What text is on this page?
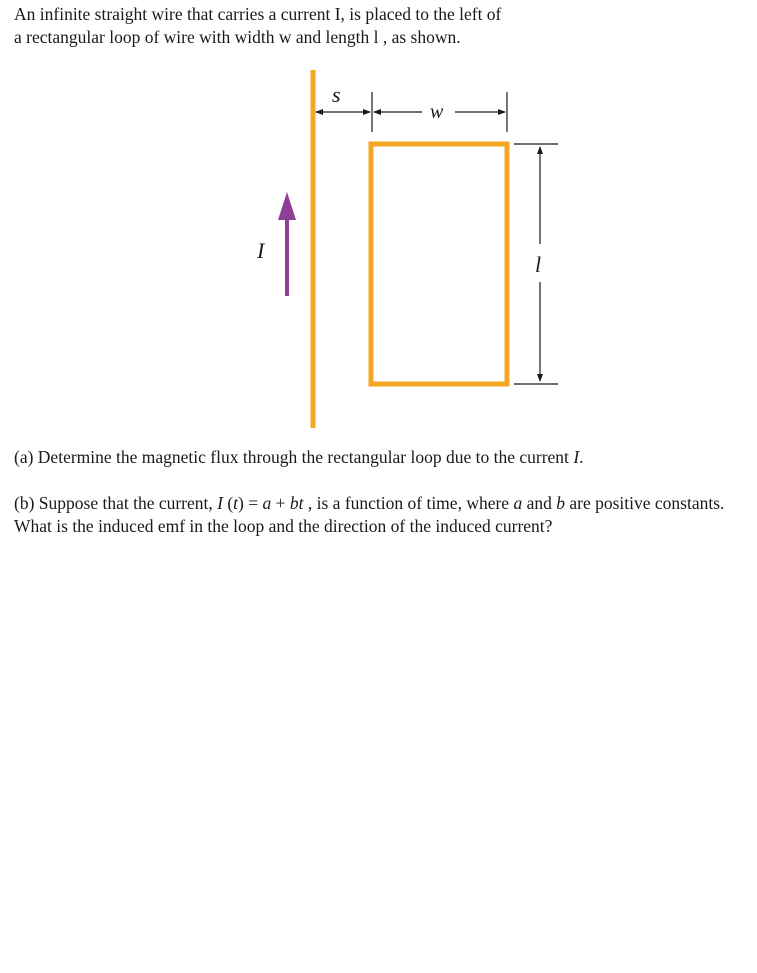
An infinite straight wire that carries a current I, is placed to the left of
a rectangular loop of wire with width w and length l , as shown.

I
s
w
l

(a) Determine the magnetic flux through the rectangular loop due to the current I.

(b) Suppose that the current, I (t) = a + bt , is a function of time, where a and b are positive constants. What is the induced emf in the loop and the direction of the induced current?
